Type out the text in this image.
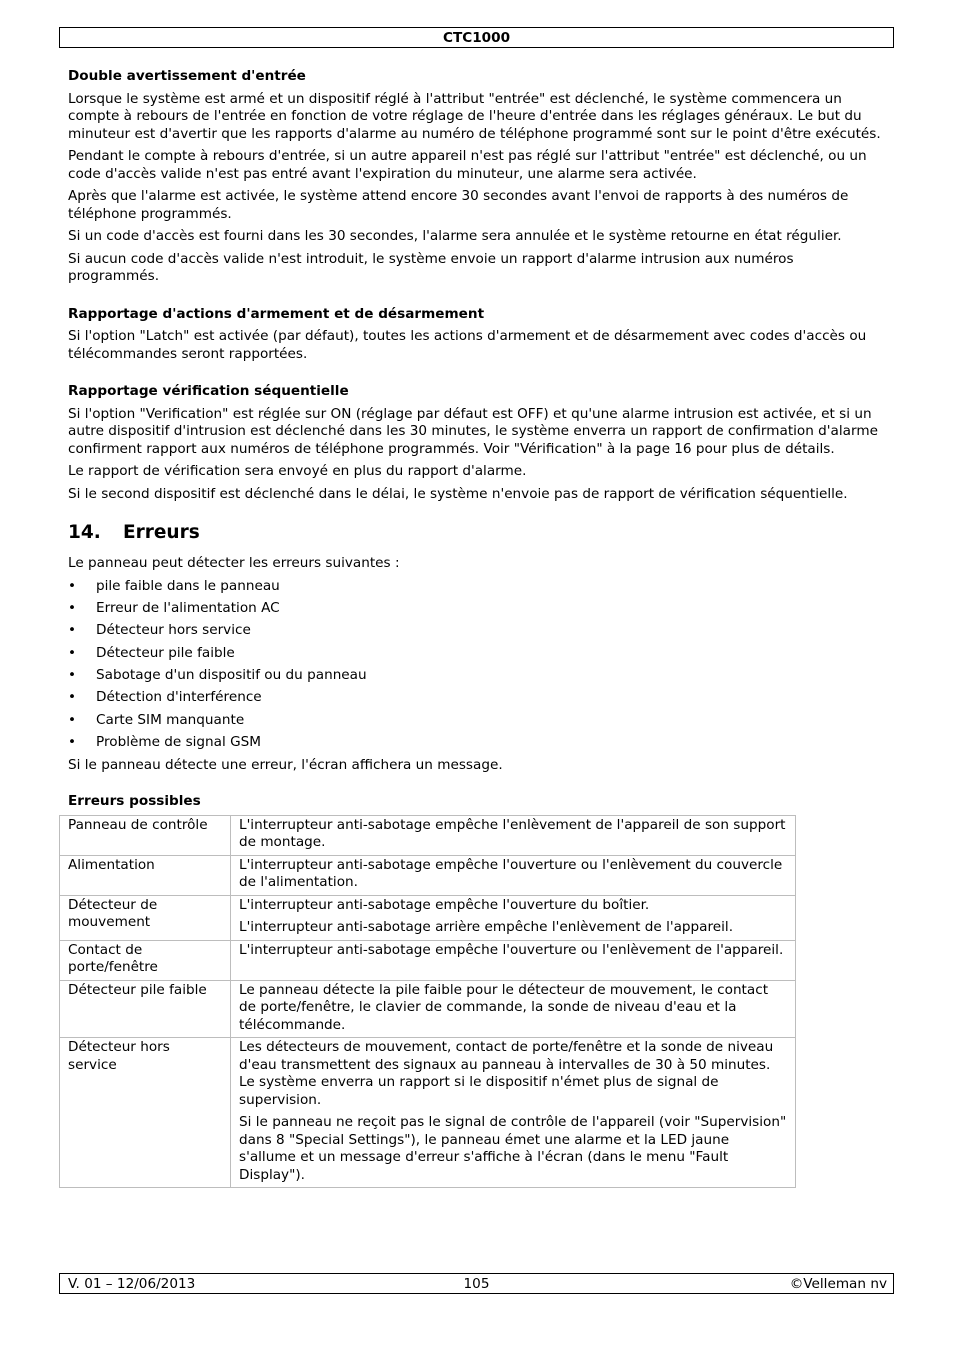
CTC1000
Double avertissement d'entrée

Lorsque le système est armé et un dispositif réglé à l'attribut "entrée" est déclenché, le système commencera un compte à rebours de l'entrée en fonction de votre réglage de l'heure d'entrée dans les réglages généraux. Le but du minuteur est d'avertir que les rapports d'alarme au numéro de téléphone programmé sont sur le point d'être exécutés.

Pendant le compte à rebours d'entrée, si un autre appareil n'est pas réglé sur l'attribut "entrée" est déclenché, ou un code d'accès valide n'est pas entré avant l'expiration du minuteur, une alarme sera activée.

Après que l'alarme est activée, le système attend encore 30 secondes avant l'envoi de rapports à des numéros de téléphone programmés.

Si un code d'accès est fourni dans les 30 secondes, l'alarme sera annulée et le système retourne en état régulier.

Si aucun code d'accès valide n'est introduit, le système envoie un rapport d'alarme intrusion aux numéros programmés.

Rapportage d'actions d'armement et de désarmement

Si l'option "Latch" est activée (par défaut), toutes les actions d'armement et de désarmement avec codes d'accès ou télécommandes seront rapportées.

Rapportage vérification séquentielle

Si l'option "Verification" est réglée sur ON (réglage par défaut est OFF) et qu'une alarme intrusion est activée, et si un autre dispositif d'intrusion est déclenché dans les 30 minutes, le système enverra un rapport de confirmation d'alarme confirment rapport aux numéros de téléphone programmés. Voir "Vérification" à la page 16 pour plus de détails.

Le rapport de vérification sera envoyé en plus du rapport d'alarme.

Si le second dispositif est déclenché dans le délai, le système n'envoie pas de rapport de vérification séquentielle.

14. Erreurs

Le panneau peut détecter les erreurs suivantes :

• pile faible dans le panneau
• Erreur de l'alimentation AC
• Détecteur hors service
• Détecteur pile faible
• Sabotage d'un dispositif ou du panneau
• Détection d'interférence
• Carte SIM manquante
• Problème de signal GSM

Si le panneau détecte une erreur, l'écran affichera un message.

Erreurs possibles
Panneau de contrôle	L'interrupteur anti-sabotage empêche l'enlèvement de l'appareil de son support de montage.

Alimentation	L'interrupteur anti-sabotage empêche l'ouverture ou l'enlèvement du couvercle de l'alimentation.

Détecteur de mouvement	L'interrupteur anti-sabotage empêche l'ouverture du boîtier.

L'interrupteur anti-sabotage arrière empêche l'enlèvement de l'appareil.

Contact de porte/fenêtre	L'interrupteur anti-sabotage empêche l'ouverture ou l'enlèvement de l'appareil.

Détecteur pile faible	Le panneau détecte la pile faible pour le détecteur de mouvement, le contact de porte/fenêtre, le clavier de commande, la sonde de niveau d'eau et la télécommande.

Détecteur hors service	Les détecteurs de mouvement, contact de porte/fenêtre et la sonde de niveau d'eau transmettent des signaux au panneau à intervalles de 30 à 50 minutes. Le système enverra un rapport si le dispositif n'émet plus de signal de supervision.

Si le panneau ne reçoit pas le signal de contrôle de l'appareil (voir "Supervision" dans 8 "Special Settings"), le panneau émet une alarme et la LED jaune s'allume et un message d'erreur s'affiche à l'écran (dans le menu "Fault Display").

V. 01 – 12/06/2013	105	©Velleman nv
